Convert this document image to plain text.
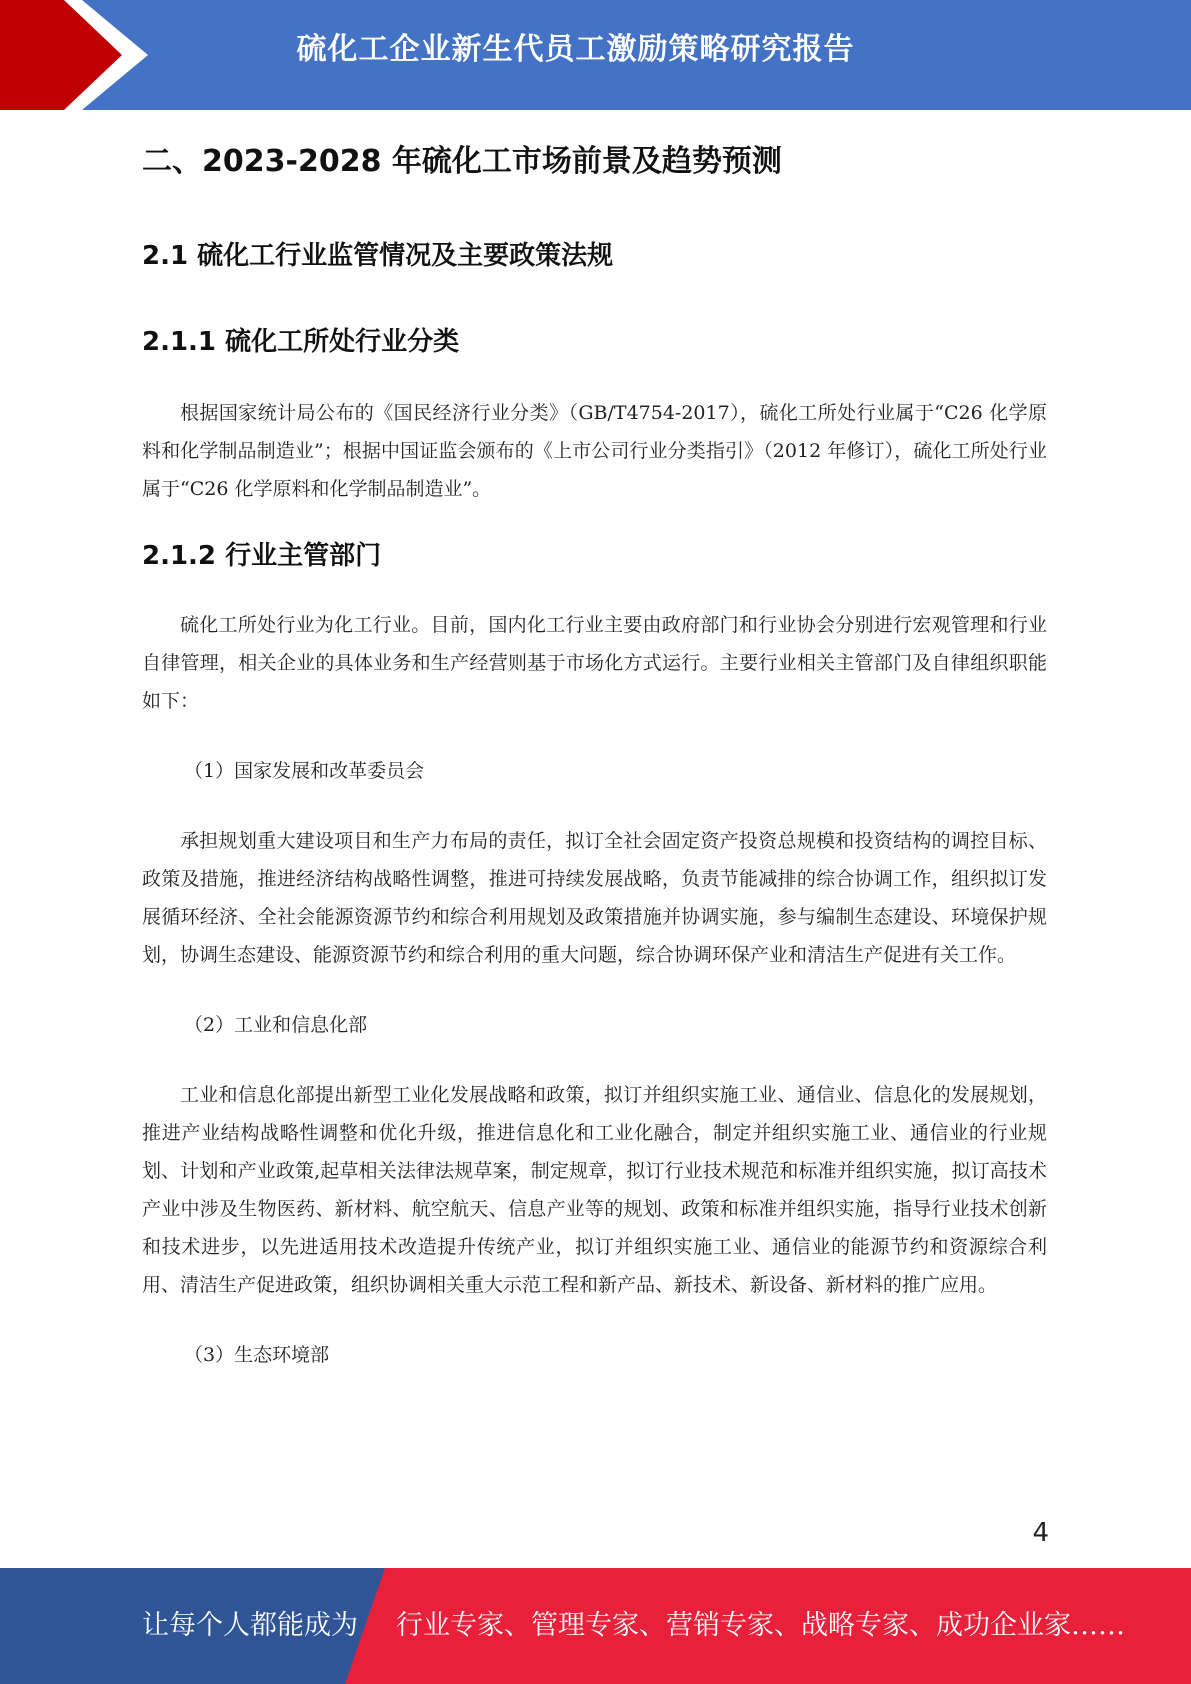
硫化工企业新生代员工激励策略研究报告
二、2023-2028 年硫化工市场前景及趋势预测
2.1 硫化工行业监管情况及主要政策法规
2.1.1 硫化工所处行业分类

根据国家统计局公布的《国民经济行业分类》（GB/T4754-2017），硫化工所处行业属于“C26 化学原料和化学制品制造业”；根据中国证监会颁布的《上市公司行业分类指引》（2012 年修订），硫化工所处行业属于“C26 化学原料和化学制品制造业”。

2.1.2 行业主管部门

硫化工所处行业为化工行业。目前，国内化工行业主要由政府部门和行业协会分别进行宏观管理和行业自律管理，相关企业的具体业务和生产经营则基于市场化方式运行。主要行业相关主管部门及自律组织职能如下：

（1）国家发展和改革委员会

承担规划重大建设项目和生产力布局的责任，拟订全社会固定资产投资总规模和投资结构的调控目标、政策及措施，推进经济结构战略性调整，推进可持续发展战略，负责节能减排的综合协调工作，组织拟订发展循环经济、全社会能源资源节约和综合利用规划及政策措施并协调实施，参与编制生态建设、环境保护规划，协调生态建设、能源资源节约和综合利用的重大问题，综合协调环保产业和清洁生产促进有关工作。

（2）工业和信息化部

工业和信息化部提出新型工业化发展战略和政策，拟订并组织实施工业、通信业、信息化的发展规划，推进产业结构战略性调整和优化升级，推进信息化和工业化融合，制定并组织实施工业、通信业的行业规划、计划和产业政策,起草相关法律法规草案，制定规章，拟订行业技术规范和标准并组织实施，拟订高技术产业中涉及生物医药、新材料、航空航天、信息产业等的规划、政策和标准并组织实施，指导行业技术创新和技术进步，以先进适用技术改造提升传统产业，拟订并组织实施工业、通信业的能源节约和资源综合利用、清洁生产促进政策，组织协调相关重大示范工程和新产品、新技术、新设备、新材料的推广应用。

（3）生态环境部

4
让每个人都能成为 行业专家、管理专家、营销专家、战略专家、成功企业家……
